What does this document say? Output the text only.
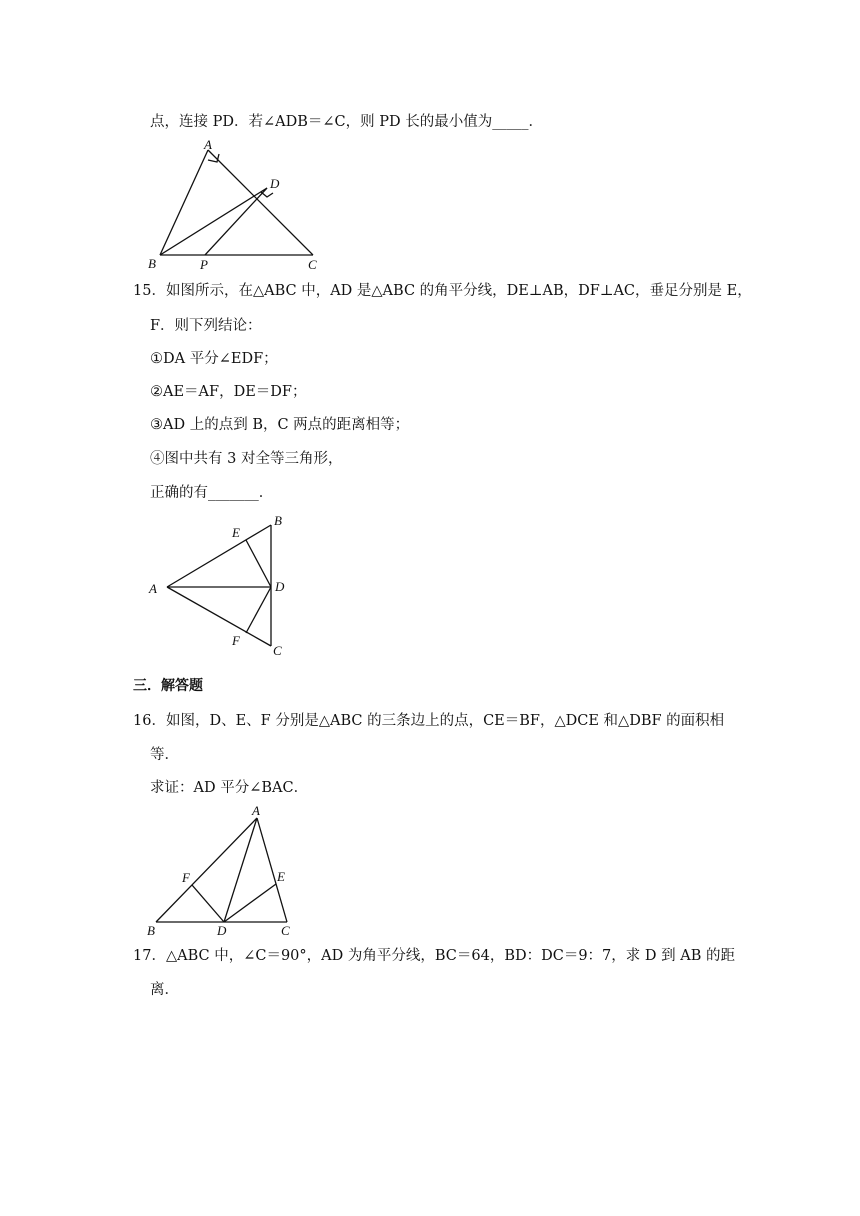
点，连接 PD．若∠ADB＝∠C，则 PD 长的最小值为_____．
A
D
B	P	C
15．如图所示，在△ABC 中，AD 是△ABC 的角平分线，DE⊥AB，DF⊥AC，垂足分别是 E，
F．则下列结论：
①DA 平分∠EDF；
②AE＝AF，DE＝DF；
③AD 上的点到 B，C 两点的距离相等；
④图中共有 3 对全等三角形，
正确的有_______．
E
B
A	D
F
C
三．解答题
16．如图，D、E、F 分别是△ABC 的三条边上的点，CE＝BF，△DCE 和△DBF 的面积相
等．
求证：AD 平分∠BAC．
A
F	E
B	D	C
17．△ABC 中，∠C＝90°，AD 为角平分线，BC＝64，BD：DC＝9：7，求 D 到 AB 的距
离．
